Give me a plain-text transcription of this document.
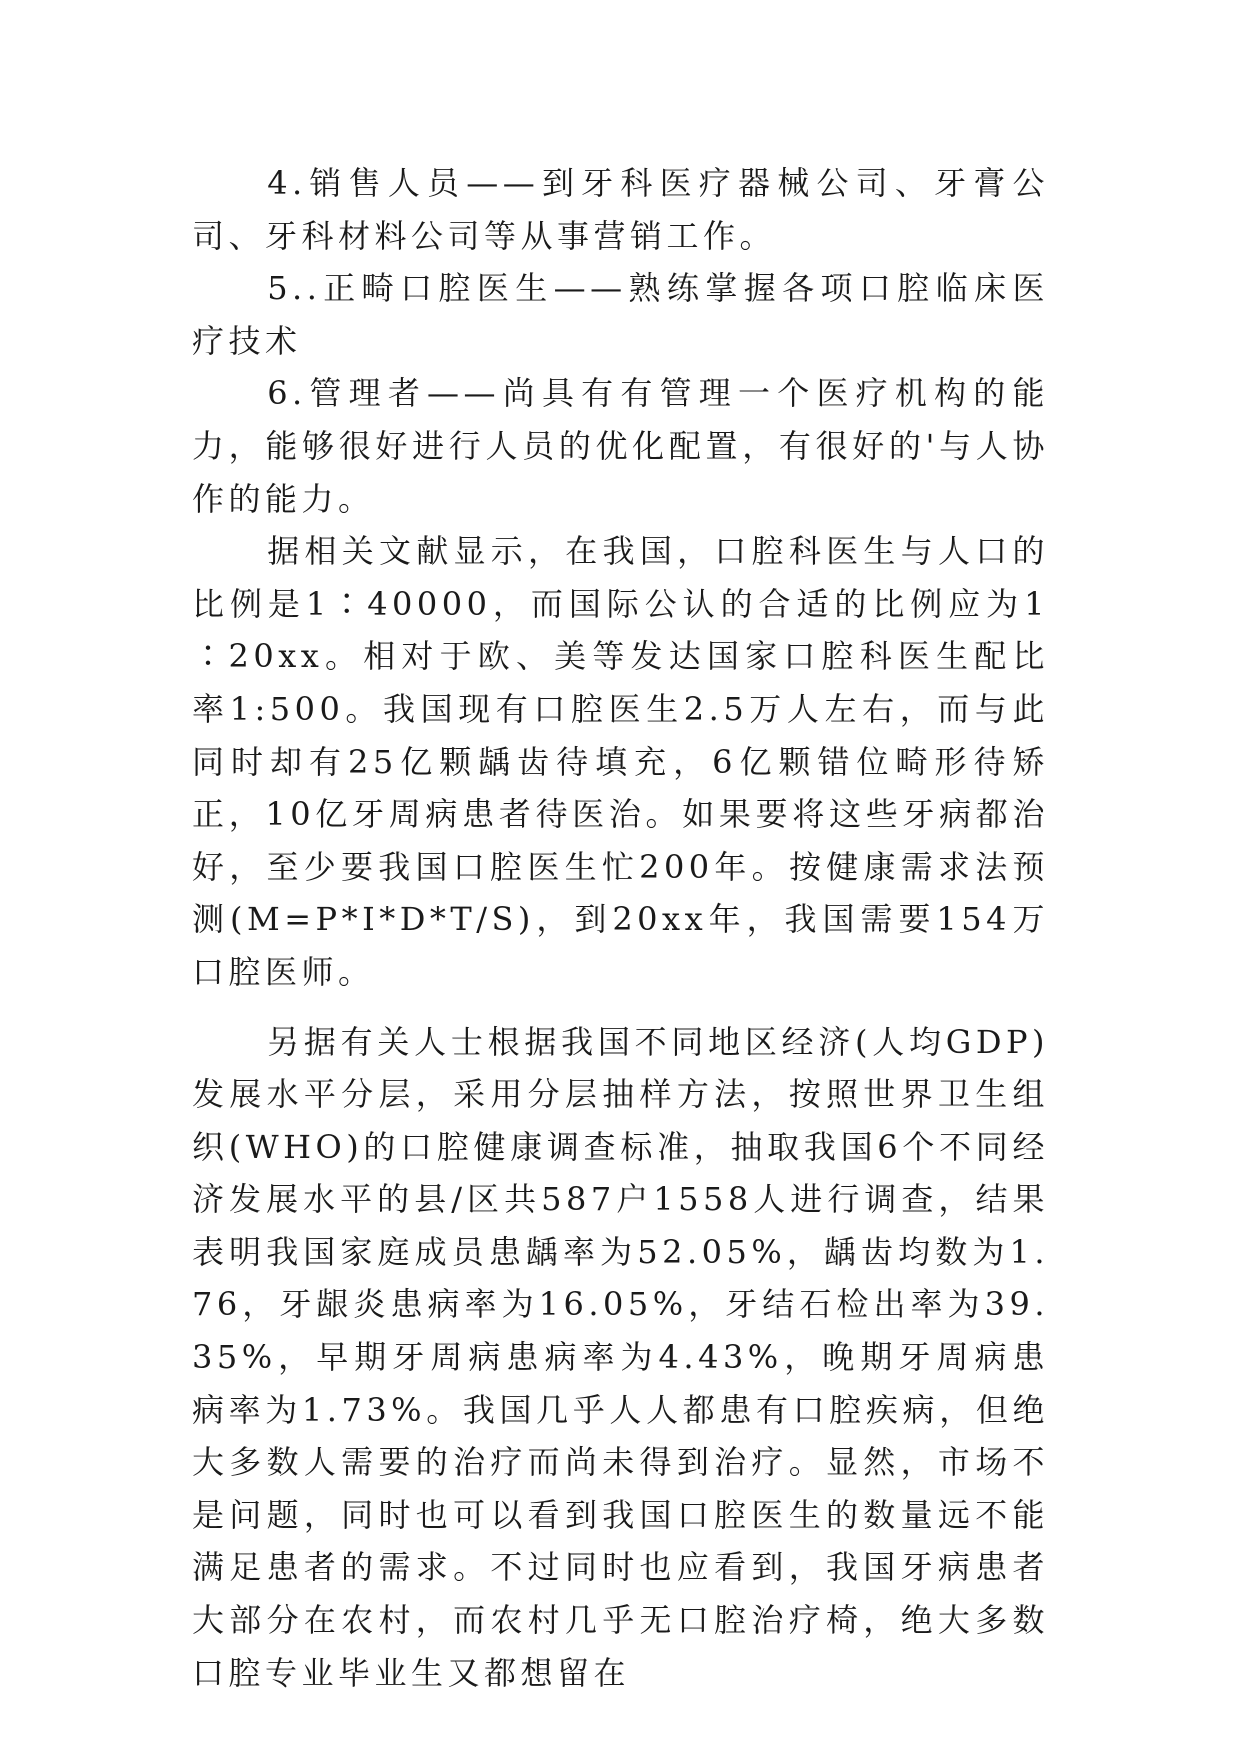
4.销售人员——到牙科医疗器械公司、牙膏公司、牙科材料公司等从事营销工作。

5..正畸口腔医生——熟练掌握各项口腔临床医疗技术

6.管理者——尚具有有管理一个医疗机构的能力，能够很好进行人员的优化配置，有很好的'与人协作的能力。

据相关文献显示，在我国，口腔科医生与人口的比例是1∶40000，而国际公认的合适的比例应为1∶20xx。相对于欧、美等发达国家口腔科医生配比率1:500。我国现有口腔医生2.5万人左右，而与此同时却有25亿颗龋齿待填充，6亿颗错位畸形待矫正，10亿牙周病患者待医治。如果要将这些牙病都治好，至少要我国口腔医生忙200年。按健康需求法预测(M=P*I*D*T/S)，到20xx年，我国需要154万口腔医师。

另据有关人士根据我国不同地区经济(人均GDP)发展水平分层，采用分层抽样方法，按照世界卫生组织(WHO)的口腔健康调查标准，抽取我国6个不同经济发展水平的县/区共587户1558人进行调查，结果表明我国家庭成员患龋率为52.05%，龋齿均数为1.76，牙龈炎患病率为16.05%，牙结石检出率为39.35%，早期牙周病患病率为4.43%，晚期牙周病患病率为1.73%。我国几乎人人都患有口腔疾病，但绝大多数人需要的治疗而尚未得到治疗。显然，市场不是问题，同时也可以看到我国口腔医生的数量远不能满足患者的需求。不过同时也应看到，我国牙病患者大部分在农村，而农村几乎无口腔治疗椅，绝大多数口腔专业毕业生又都想留在
